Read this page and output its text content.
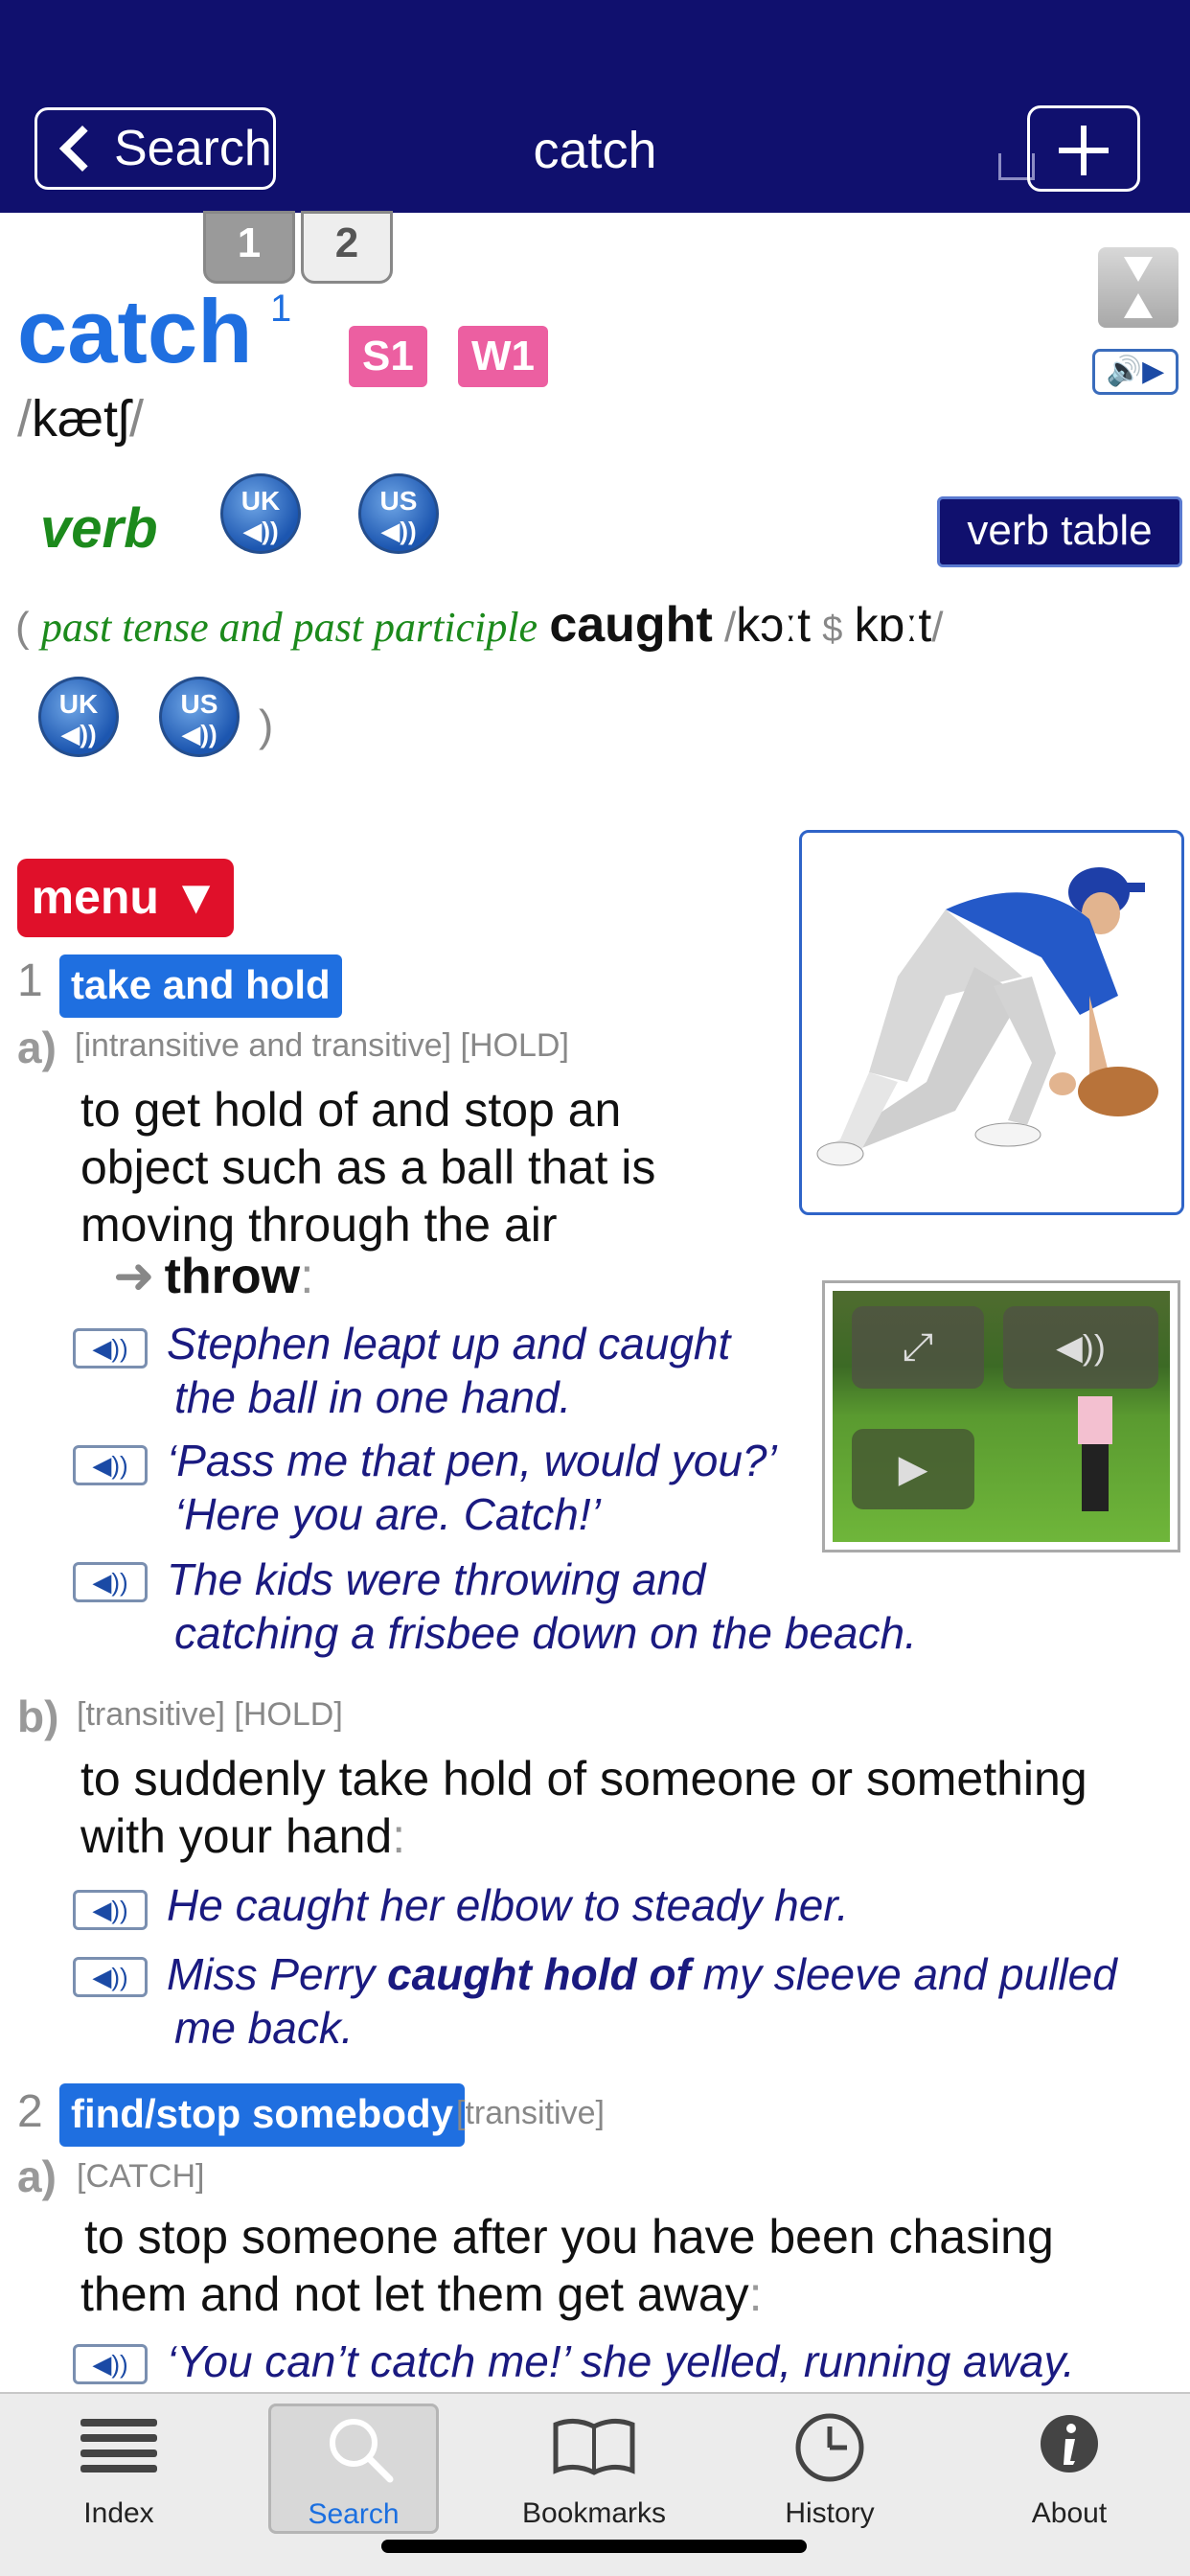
Search	catch
1	2
🔊▶
catch 1
S1	W1
/kætʃ/
verb	UK
◀))
US
◀))	verb table
( past tense and past participle caught /kɔːt $ kɒːt/
UK
◀))
US
◀)) )
menu ▼
1 take and hold
a) [intransitive and transitive] [HOLD]
to get hold of and stop an
object such as a ball that is
moving through the air
➜ throw:
◀)) Stephen leapt up and caught
the ball in one hand.
◀)) ‘Pass me that pen, would you?’
‘Here you are. Catch!’
◀)) The kids were throwing and
catching a frisbee down on the beach.
⤢	◀))
▶
b) [transitive] [HOLD]
to suddenly take hold of someone or something
with your hand:
◀)) He caught her elbow to steady her.
◀)) Miss Perry caught hold of my sleeve and pulled
me back.
2 find/stop somebody [transitive]
a) [CATCH]
to stop someone after you have been chasing
them and not let them get away:
◀)) ‘You can’t catch me!’ she yelled, running away.
Index	Search	Bookmarks	History	About
